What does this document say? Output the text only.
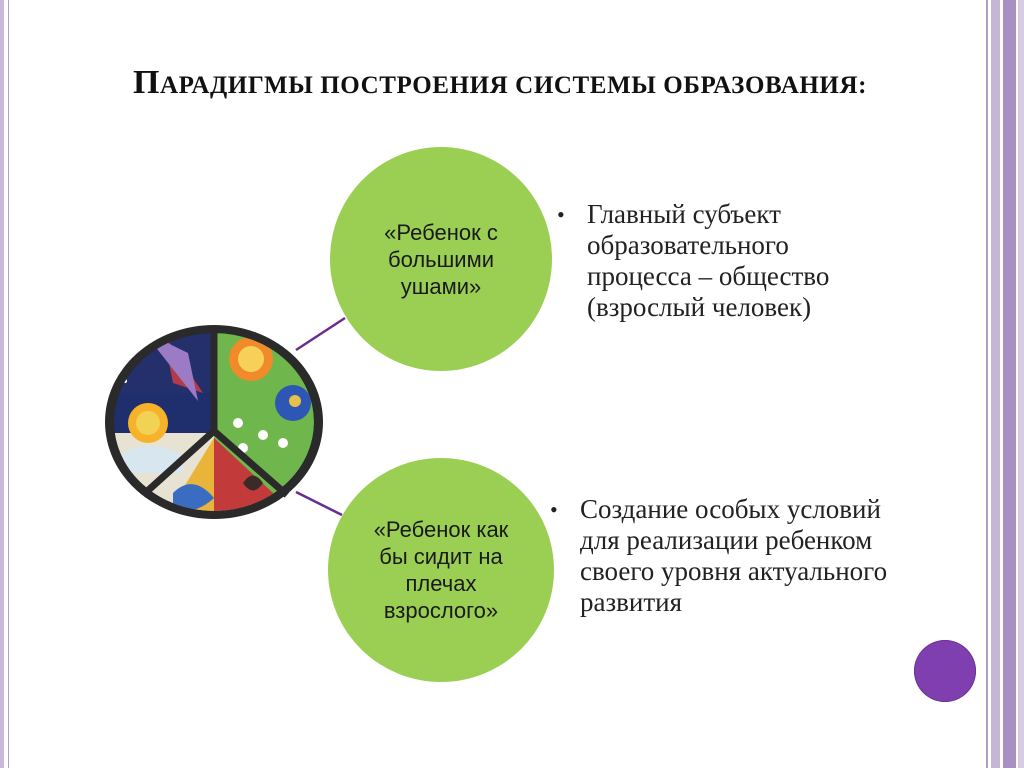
ПАРАДИГМЫ ПОСТРОЕНИЯ СИСТЕМЫ ОБРАЗОВАНИЯ:
«Ребенок с большими ушами»
«Ребенок как бы сидит на плечах взрослого»
• Главный субъект образовательного процесса – общество (взрослый человек)
• Создание особых условий для реализации ребенком своего уровня актуального развития
